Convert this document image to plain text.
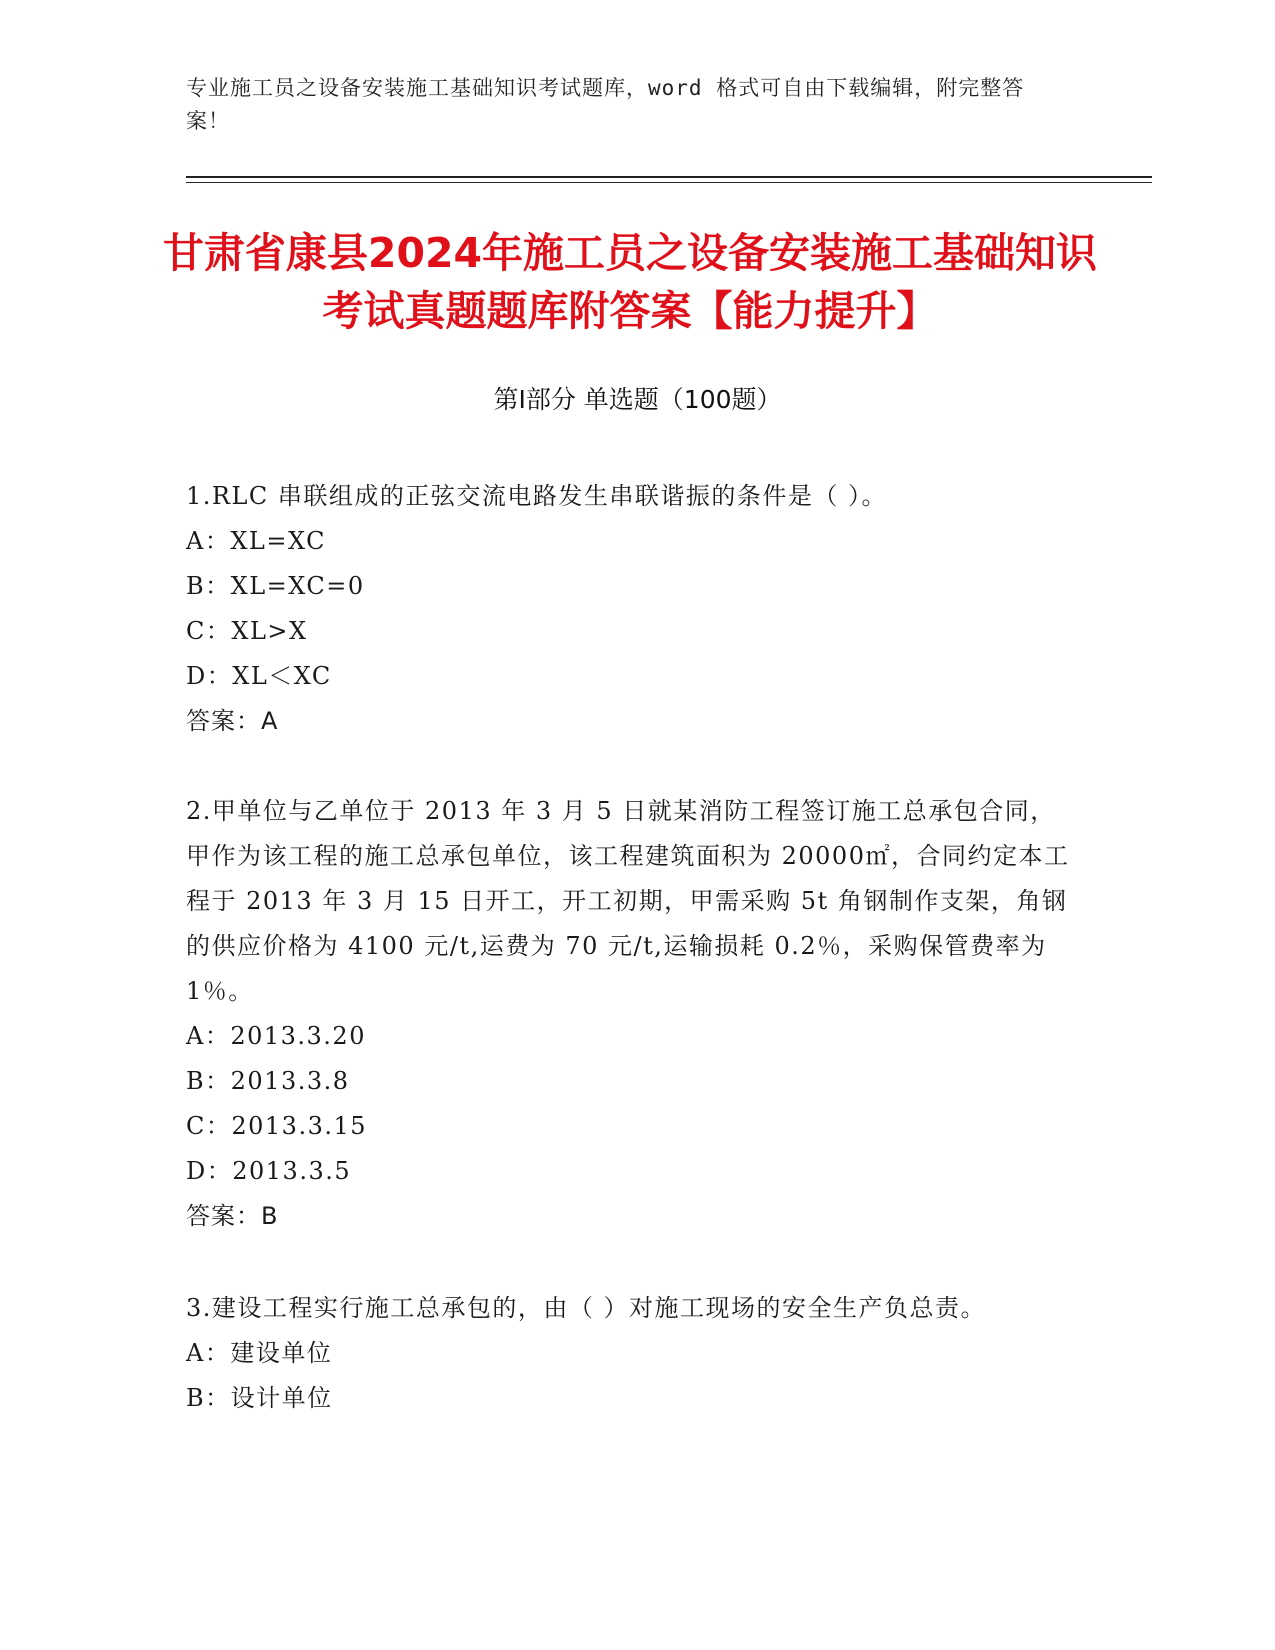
专业施工员之设备安装施工基础知识考试题库，word 格式可自由下载编辑，附完整答案！
甘肃省康县2024年施工员之设备安装施工基础知识考试真题题库附答案【能力提升】
第Ⅰ部分 单选题（100题）

1.RLC 串联组成的正弦交流电路发生串联谐振的条件是（ ）。

A：XL=XC

B：XL=XC=0

C：XL>X

D：XL＜XC

答案：A

2.甲单位与乙单位于 2013 年 3 月 5 日就某消防工程签订施工总承包合同，甲作为该工程的施工总承包单位，该工程建筑面积为 20000㎡，合同约定本工程于 2013 年 3 月 15 日开工，开工初期，甲需采购 5t 角钢制作支架，角钢的供应价格为 4100 元/t,运费为 70 元/t,运输损耗 0.2％，采购保管费率为 1％。

A：2013.3.20

B：2013.3.8

C：2013.3.15

D：2013.3.5

答案：B

3.建设工程实行施工总承包的，由（ ）对施工现场的安全生产负总责。

A：建设单位

B：设计单位
